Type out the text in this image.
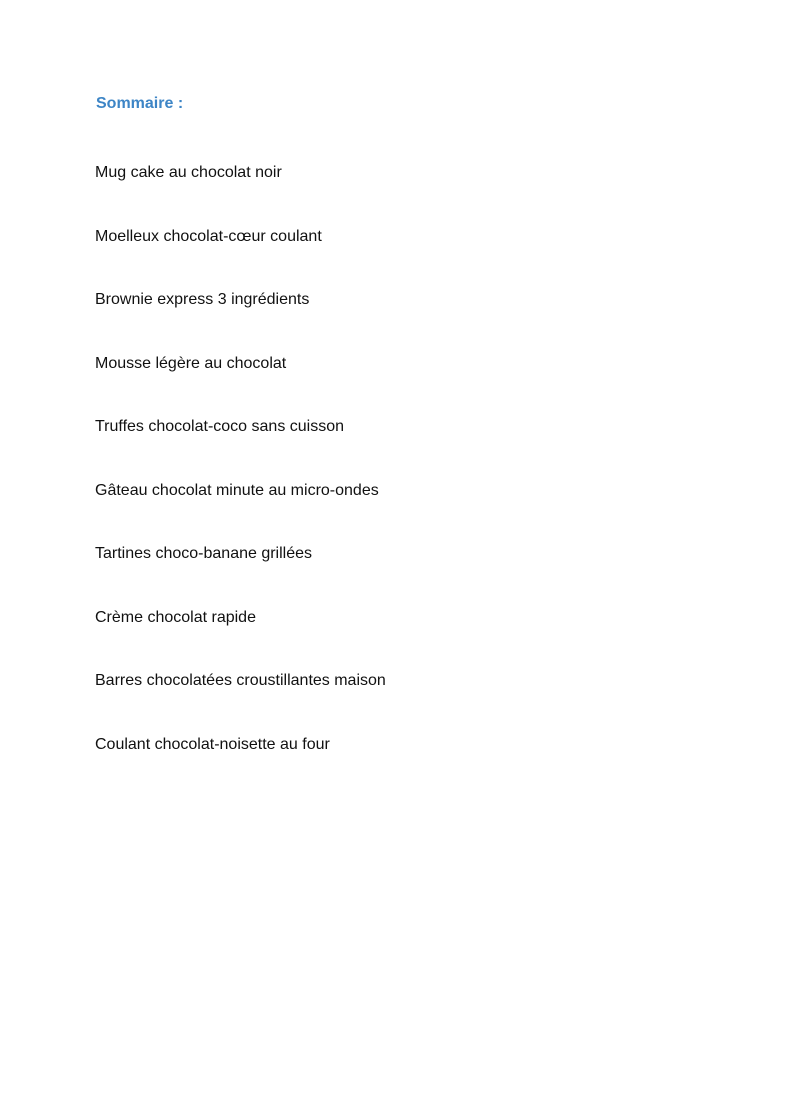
Sommaire :
Mug cake au chocolat noir
Moelleux chocolat-cœur coulant
Brownie express 3 ingrédients
Mousse légère au chocolat
Truffes chocolat-coco sans cuisson
Gâteau chocolat minute au micro-ondes
Tartines choco-banane grillées
Crème chocolat rapide
Barres chocolatées croustillantes maison
Coulant chocolat-noisette au four
